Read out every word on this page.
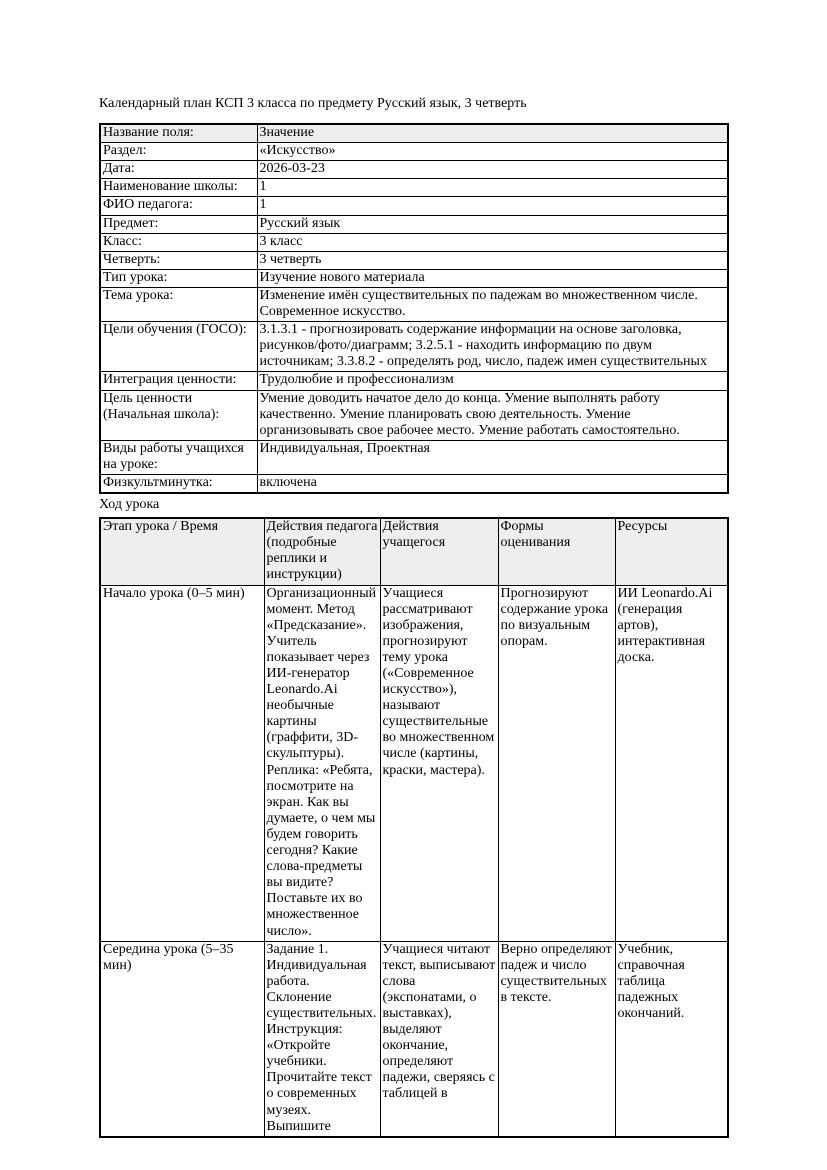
Календарный план КСП 3 класса по предмету Русский язык, 3 четверть

Название поля:	Значение
Раздел:	«Искусство»
Дата:	2026-03-23
Наименование школы:	1
ФИО педагога:	1
Предмет:	Русский язык
Класс:	3 класс
Четверть:	3 четверть
Тип урока:	Изучение нового материала
Тема урока:	Изменение имён существительных по падежам во множественном числе. Современное искусство.
Цели обучения (ГОСО):	3.1.3.1 - прогнозировать содержание информации на основе заголовка, рисунков/фото/диаграмм; 3.2.5.1 - находить информацию по двум источникам; 3.3.8.2 - определять род, число, падеж имен существительных
Интеграция ценности:	Трудолюбие и профессионализм
Цель ценности (Начальная школа):	Умение доводить начатое дело до конца. Умение выполнять работу качественно. Умение планировать свою деятельность. Умение организовывать свое рабочее место. Умение работать самостоятельно.
Виды работы учащихся на уроке:	Индивидуальная, Проектная
Физкультминутка:	включена

Ход урока

Этап урока / Время	Действия педагога (подробные реплики и инструкции)	Действия учащегося	Формы оценивания	Ресурсы
Начало урока (0–5 мин)	Организационный момент. Метод «Предсказание». Учитель показывает через ИИ-генератор Leonardo.Ai необычные картины (граффити, 3D-скульптуры). Реплика: «Ребята, посмотрите на экран. Как вы думаете, о чем мы будем говорить сегодня? Какие слова-предметы вы видите? Поставьте их во множественное число».	Учащиеся рассматривают изображения, прогнозируют тему урока («Современное искусство»), называют существительные во множественном числе (картины, краски, мастера).	Прогнозируют содержание урока по визуальным опорам.	ИИ Leonardo.Ai (генерация артов), интерактивная доска.
Середина урока (5–35 мин)	Задание 1. Индивидуальная работа. Склонение существительных. Инструкция: «Откройте учебники. Прочитайте текст о современных музеях. Выпишите	Учащиеся читают текст, выписывают слова (экспонатами, о выставках), выделяют окончание, определяют падежи, сверяясь с таблицей в	Верно определяют падеж и число существительных в тексте.	Учебник, справочная таблица падежных окончаний.
